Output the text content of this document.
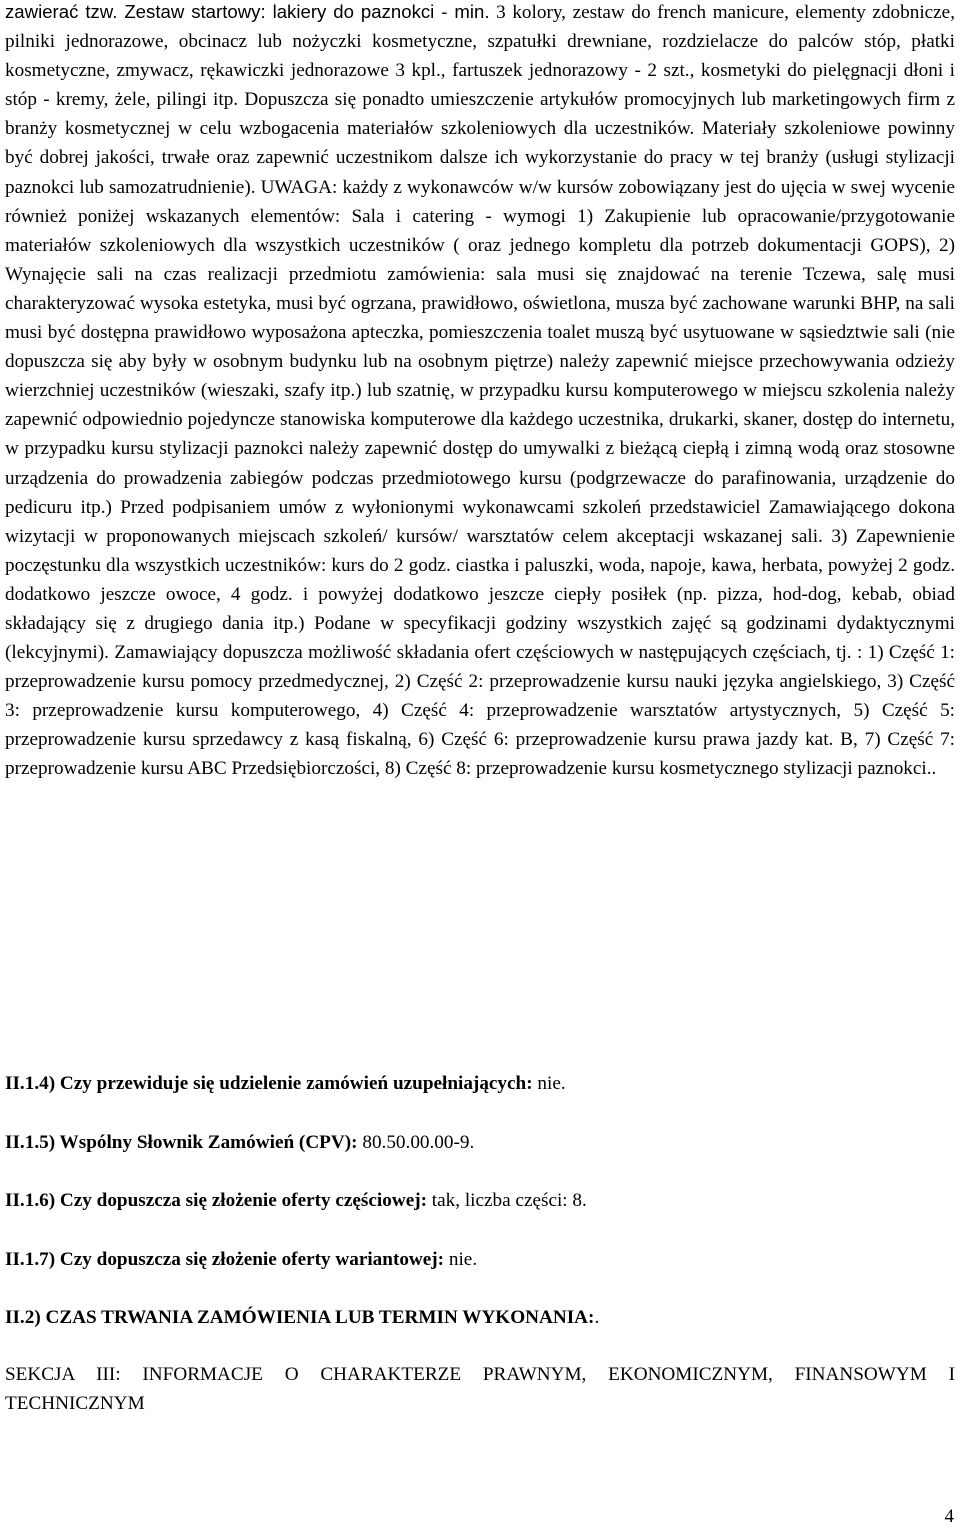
zawierać tzw. Zestaw startowy: lakiery do paznokci - min. 3 kolory, zestaw do french manicure, elementy zdobnicze, pilniki jednorazowe, obcinacz lub nożyczki kosmetyczne, szpatułki drewniane, rozdzielacze do palców stóp, płatki kosmetyczne, zmywacz, rękawiczki jednorazowe 3 kpl., fartuszek jednorazowy - 2 szt., kosmetyki do pielęgnacji dłoni i stóp - kremy, żele, pilingi itp. Dopuszcza się ponadto umieszczenie artykułów promocyjnych lub marketingowych firm z branży kosmetycznej w celu wzbogacenia materiałów szkoleniowych dla uczestników. Materiały szkoleniowe powinny być dobrej jakości, trwałe oraz zapewnić uczestnikom dalsze ich wykorzystanie do pracy w tej branży (usługi stylizacji paznokci lub samozatrudnienie). UWAGA: każdy z wykonawców w/w kursów zobowiązany jest do ujęcia w swej wycenie również poniżej wskazanych elementów: Sala i catering - wymogi 1) Zakupienie lub opracowanie/przygotowanie materiałów szkoleniowych dla wszystkich uczestników ( oraz jednego kompletu dla potrzeb dokumentacji GOPS), 2) Wynajęcie sali na czas realizacji przedmiotu zamówienia: sala musi się znajdować na terenie Tczewa, salę musi charakteryzować wysoka estetyka, musi być ogrzana, prawidłowo, oświetlona, musza być zachowane warunki BHP, na sali musi być dostępna prawidłowo wyposażona apteczka, pomieszczenia toalet muszą być usytuowane w sąsiedztwie sali (nie dopuszcza się aby były w osobnym budynku lub na osobnym piętrze) należy zapewnić miejsce przechowywania odzieży wierzchniej uczestników (wieszaki, szafy itp.) lub szatnię, w przypadku kursu komputerowego w miejscu szkolenia należy zapewnić odpowiednio pojedyncze stanowiska komputerowe dla każdego uczestnika, drukarki, skaner, dostęp do internetu, w przypadku kursu stylizacji paznokci należy zapewnić dostęp do umywalki z bieżącą ciepłą i zimną wodą oraz stosowne urządzenia do prowadzenia zabiegów podczas przedmiotowego kursu (podgrzewacze do parafinowania, urządzenie do pedicuru itp.) Przed podpisaniem umów z wyłonionymi wykonawcami szkoleń przedstawiciel Zamawiającego dokona wizytacji w proponowanych miejscach szkoleń/ kursów/ warsztatów celem akceptacji wskazanej sali. 3) Zapewnienie poczęstunku dla wszystkich uczestników: kurs do 2 godz. ciastka i paluszki, woda, napoje, kawa, herbata, powyżej 2 godz. dodatkowo jeszcze owoce, 4 godz. i powyżej dodatkowo jeszcze ciepły posiłek (np. pizza, hod-dog, kebab, obiad składający się z drugiego dania itp.) Podane w specyfikacji godziny wszystkich zajęć są godzinami dydaktycznymi (lekcyjnymi). Zamawiający dopuszcza możliwość składania ofert częściowych w następujących częściach, tj. : 1) Część 1: przeprowadzenie kursu pomocy przedmedycznej, 2) Część 2: przeprowadzenie kursu nauki języka angielskiego, 3) Część 3: przeprowadzenie kursu komputerowego, 4) Część 4: przeprowadzenie warsztatów artystycznych, 5) Część 5: przeprowadzenie kursu sprzedawcy z kasą fiskalną, 6) Część 6: przeprowadzenie kursu prawa jazdy kat. B, 7) Część 7: przeprowadzenie kursu ABC Przedsiębiorczości, 8) Część 8: przeprowadzenie kursu kosmetycznego stylizacji paznokci..

II.1.4) Czy przewiduje się udzielenie zamówień uzupełniających: nie.

II.1.5) Wspólny Słownik Zamówień (CPV): 80.50.00.00-9.

II.1.6) Czy dopuszcza się złożenie oferty częściowej: tak, liczba części: 8.

II.1.7) Czy dopuszcza się złożenie oferty wariantowej: nie.

II.2) CZAS TRWANIA ZAMÓWIENIA LUB TERMIN WYKONANIA:.

SEKCJA III: INFORMACJE O CHARAKTERZE PRAWNYM, EKONOMICZNYM, FINANSOWYM I TECHNICZNYM

4
